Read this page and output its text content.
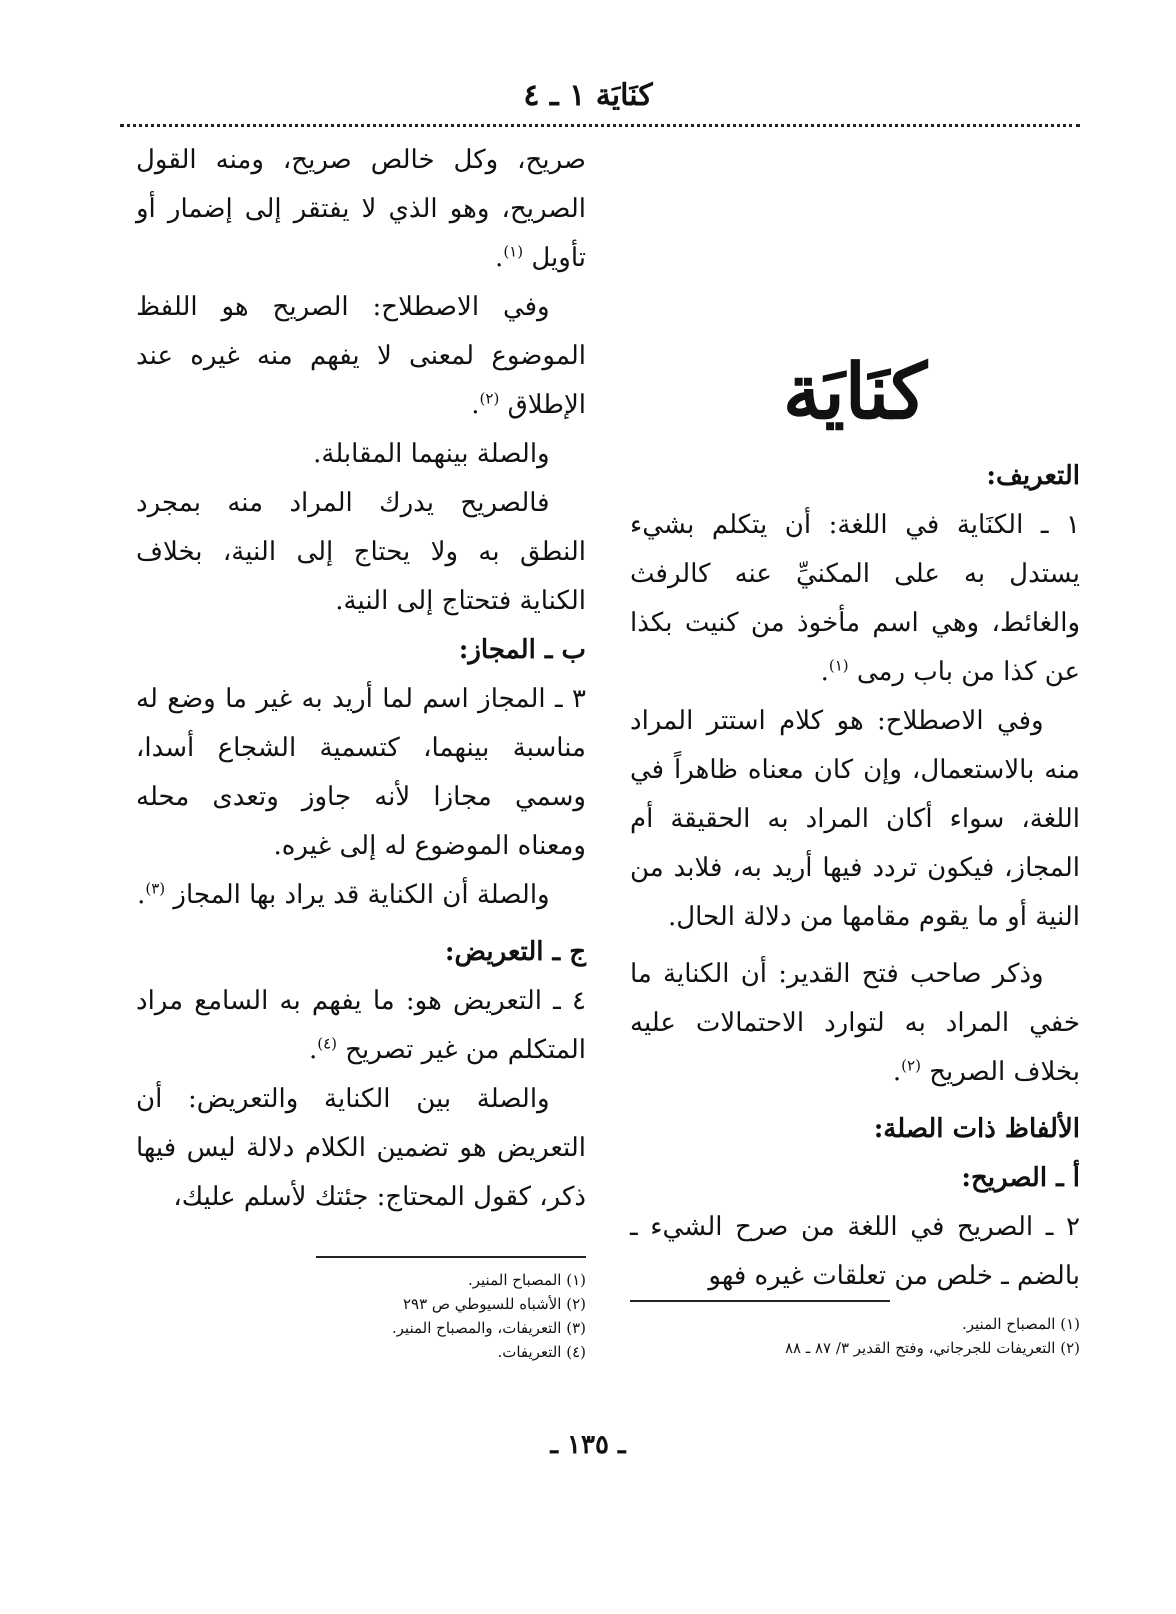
كنَايَة ١ ـ ٤
كنَايَة

التعريف:

١ ـ الكنَاية في اللغة: أن يتكلم بشيء يستدل به على المكنيِّ عنه كالرفث والغائط، وهي اسم مأخوذ من كنيت بكذا عن كذا من باب رمى $^{(١)}$.

وفي الاصطلاح: هو كلام استتر المراد منه بالاستعمال، وإن كان معناه ظاهراً في اللغة، سواء أكان المراد به الحقيقة أم المجاز، فيكون تردد فيها أريد به، فلابد من النية أو ما يقوم مقامها من دلالة الحال.

وذكر صاحب فتح القدير: أن الكناية ما خفي المراد به لتوارد الاحتمالات عليه بخلاف الصريح $^{(٢)}$.

الألفاظ ذات الصلة:

أ ـ الصريح:

٢ ـ الصريح في اللغة من صرح الشيء ـ بالضم ـ خلص من تعلقات غيره فهو

صريح، وكل خالص صريح، ومنه القول الصريح، وهو الذي لا يفتقر إلى إضمار أو تأويل $^{(١)}$.

وفي الاصطلاح: الصريح هو اللفظ الموضوع لمعنى لا يفهم منه غيره عند الإطلاق $^{(٢)}$.

والصلة بينهما المقابلة.

فالصريح يدرك المراد منه بمجرد النطق به ولا يحتاج إلى النية، بخلاف الكناية فتحتاج إلى النية.

ب ـ المجاز:

٣ ـ المجاز اسم لما أريد به غير ما وضع له مناسبة بينهما، كتسمية الشجاع أسدا، وسمي مجازا لأنه جاوز وتعدى محله ومعناه الموضوع له إلى غيره.

والصلة أن الكناية قد يراد بها المجاز $^{(٣)}$.

ج ـ التعريض:

٤ ـ التعريض هو: ما يفهم به السامع مراد المتكلم من غير تصريح $^{(٤)}$.

والصلة بين الكناية والتعريض: أن التعريض هو تضمين الكلام دلالة ليس فيها ذكر، كقول المحتاج: جئتك لأسلم عليك،

(١) المصباح المنير.
(٢) الأشباه للسيوطي ص ٢٩٣
(٣) التعريفات، والمصباح المنير.
(٤) التعريفات.
(١) المصباح المنير.
(٢) التعريفات للجرجاني، وفتح القدير ٣/ ٨٧ ـ ٨٨
ـ ١٣٥ ـ
